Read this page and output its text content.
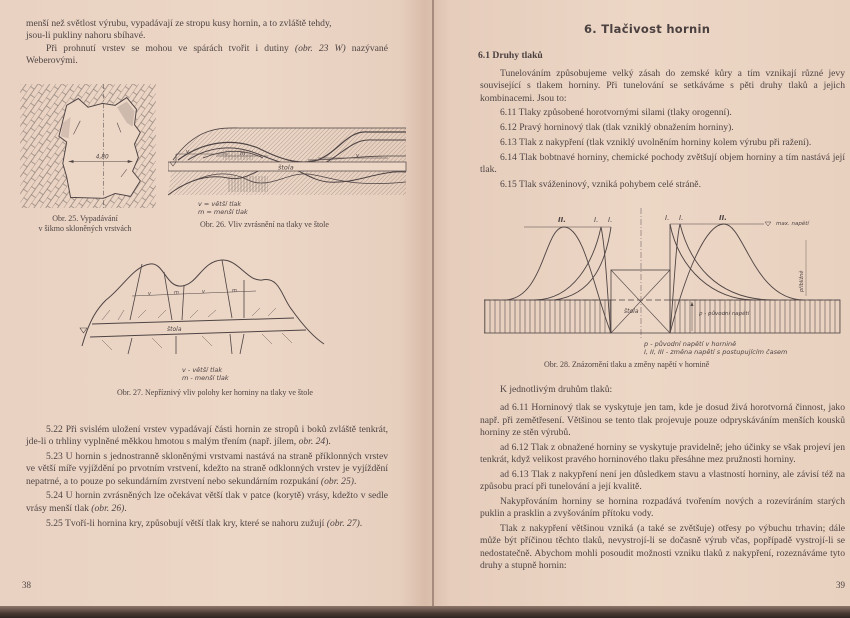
menší než světlost výrubu, vypadávají ze stropu kusy hornin, a to zvláště tehdy,

jsou-li pukliny nahoru sbíhavé.

Při prohnutí vrstev se mohou ve spárách tvořit i dutiny (obr. 23 W) nazývané Weberovými.

4,80
Obr. 25. Vypadávání
v šikmo skloněných vrstvách
štola
v	m	v
v = větší tlak
m = menší tlak
Obr. 26. Vliv zvrásnění na tlaky ve štole
štola
v	m	v	m
v - větší tlak
m - menší tlak
Obr. 27. Nepříznivý vliv polohy ker horniny na tlaky ve štole

5.22 Při svislém uložení vrstev vypadávají části hornin ze stropů i boků zvláště tenkrát, jde-li o trhliny vyplněné měkkou hmotou s malým třením (např. jílem, obr. 24).

5.23 U hornin s jednostranně skloněnými vrstvami nastává na straně příklonných vrstev ve větší míře vyjíždění po prvotním vrstvení, kdežto na straně odklonných vrstev je vyjíždění nepatrné, a to pouze po sekundárním zvrstvení nebo sekundárním rozpukání (obr. 25).

5.24 U hornin zvrásněných lze očekávat větší tlak v patce (korytě) vrásy, kdežto v sedle vrásy menší tlak (obr. 26).

5.25 Tvoří-li hornina kry, způsobují větší tlak kry, které se nahoru zužují (obr. 27).

38
6. Tlačivost hornin
6.1 Druhy tlaků

Tunelováním způsobujeme velký zásah do zemské kůry a tím vznikají různé jevy související s tlakem horniny. Při tunelování se setkáváme s pěti druhy tlaků a jejich kombinacemi. Jsou to:

6.11 Tlaky způsobené horotvornými silami (tlaky orogenní).

6.12 Pravý horninový tlak (tlak vzniklý obnažením horniny).

6.13 Tlak z nakypření (tlak vzniklý uvolněním horniny kolem výrubu při ražení).

6.14 Tlak bobtnavé horniny, chemické pochody zvětšují objem horniny a tím nastává její tlak.

6.15 Tlak sváženinový, vzniká pohybem celé stráně.

štola
II.	I. I.	I. I.	II.
max. napětí
přibližně
p - původní napětí
p - původní napětí v hornině
I, II, III - změna napětí s postupujícím časem
Obr. 28. Znázornění tlaku a změny napětí v hornině

K jednotlivým druhům tlaků:

ad 6.11 Horninový tlak se vyskytuje jen tam, kde je dosud živá horotvorná činnost, jako např. při zemětřesení. Většinou se tento tlak projevuje pouze odpryskáváním menších kousků horniny ze stěn výrubů.

ad 6.12 Tlak z obnažené horniny se vyskytuje pravidelně; jeho účinky se však projeví jen tenkrát, když velikost pravého horninového tlaku přesáhne mez pružnosti horniny.

ad 6.13 Tlak z nakypření není jen důsledkem stavu a vlastností horniny, ale závisí též na způsobu prací při tunelování a její kvalitě.

Nakypřováním horniny se hornina rozpadává tvořením nových a rozevíráním starých puklin a prasklin a zvyšováním přítoku vody.

Tlak z nakypření většinou vzniká (a také se zvětšuje) otřesy po výbuchu trhavin; dále může být příčinou těchto tlaků, nevystrojí-li se dočasně výrub včas, popřípadě vystrojí-li se nedostatečně. Abychom mohli posoudit možnosti vzniku tlaků z nakypření, rozeznáváme tyto druhy a stupně hornin:

39
